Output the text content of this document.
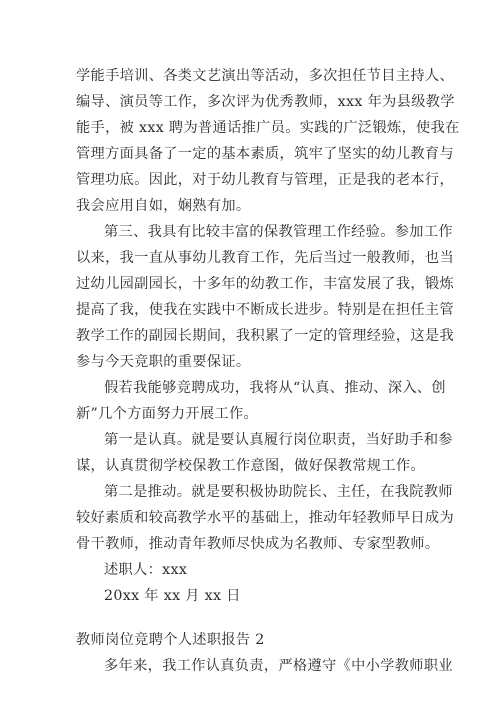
学能手培训、各类文艺演出等活动，多次担任节目主持人、
编导、演员等工作，多次评为优秀教师，xxx 年为县级教学
能手，被 xxx 聘为普通话推广员。实践的广泛锻炼，使我在
管理方面具备了一定的基本素质，筑牢了坚实的幼儿教育与
管理功底。因此，对于幼儿教育与管理，正是我的老本行，
我会应用自如，娴熟有加。
第三、我具有比较丰富的保教管理工作经验。参加工作
以来，我一直从事幼儿教育工作，先后当过一般教师，也当
过幼儿园副园长，十多年的幼教工作，丰富发展了我，锻炼
提高了我，使我在实践中不断成长进步。特别是在担任主管
教学工作的副园长期间，我积累了一定的管理经验，这是我
参与今天竞职的重要保证。
假若我能够竞聘成功，我将从“认真、推动、深入、创
新”几个方面努力开展工作。
第一是认真。就是要认真履行岗位职责，当好助手和参
谋，认真贯彻学校保教工作意图，做好保教常规工作。
第二是推动。就是要积极协助院长、主任，在我院教师
较好素质和较高教学水平的基础上，推动年轻教师早日成为
骨干教师，推动青年教师尽快成为名教师、专家型教师。
述职人：xxx
20xx 年 xx 月 xx 日
教师岗位竞聘个人述职报告 2
多年来，我工作认真负责，严格遵守《中小学教师职业
